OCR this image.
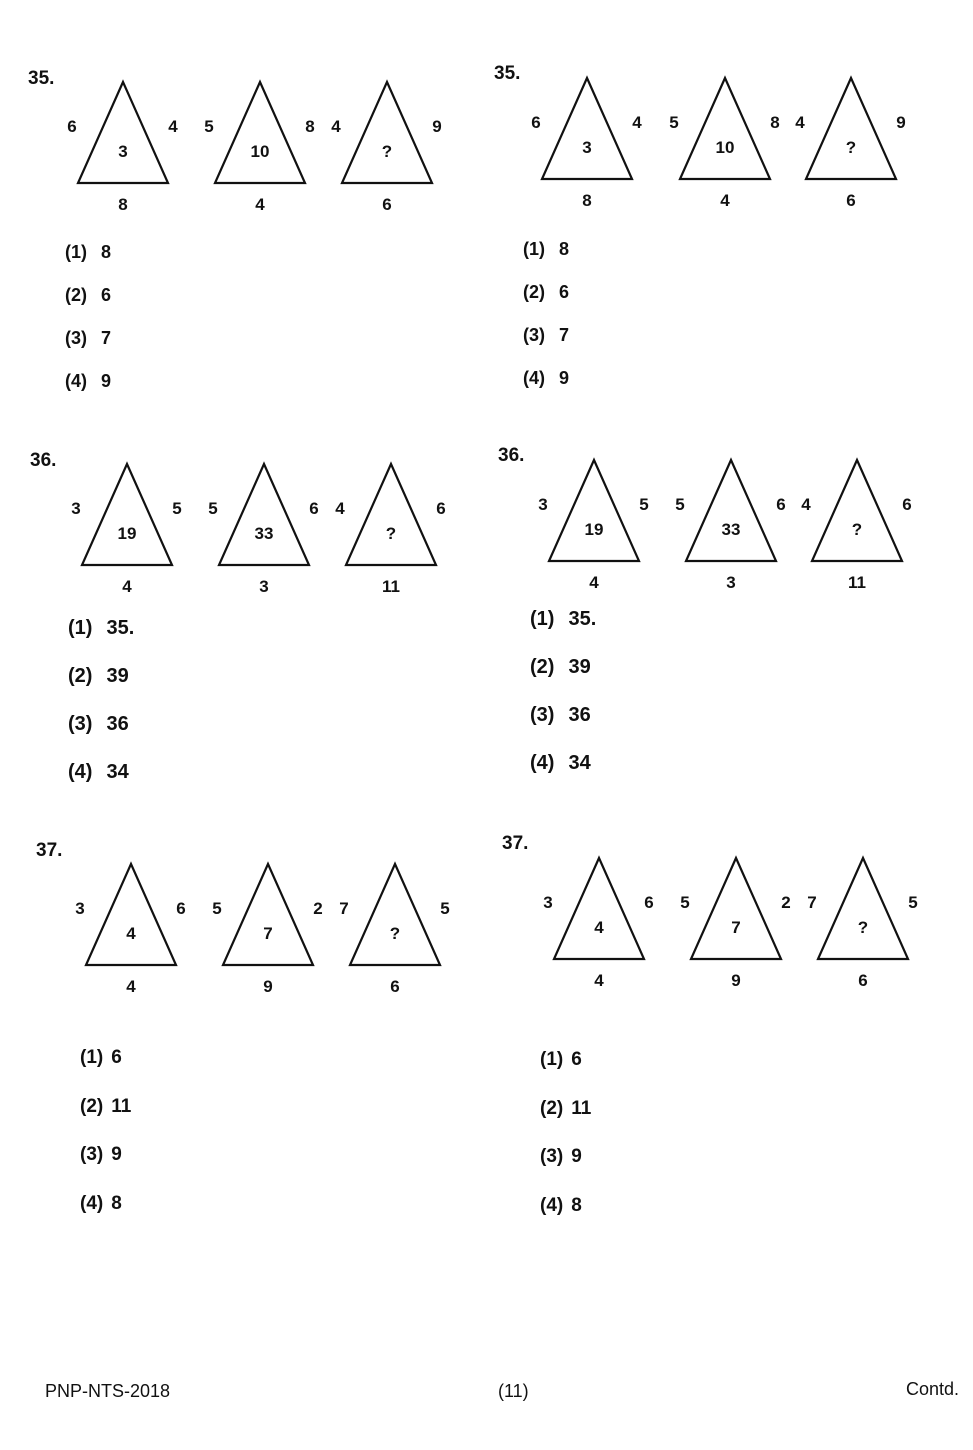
35.
6	4
3
8
5	8
10
4
4	9
?
6
(1) 8
(2) 6
(3) 7
(4) 9
36.
3	5
19
4
5	6
33
3
4	6
?
11
(1) 35.
(2) 39
(3) 36
(4) 34
37.
3	6
4
4
5	2
7
9
7	5
?
6
(1) 6
(2) 11
(3) 9
(4) 8
35.
6	4
3
8
5	8
10
4
4	9
?
6
(1) 8
(2) 6
(3) 7
(4) 9
36.
3	5
19
4
5	6
33
3
4	6
?
11
(1) 35.
(2) 39
(3) 36
(4) 34
37.
3	6
4
4
5	2
7
9
7	5
?
6
(1) 6
(2) 11
(3) 9
(4) 8
PNP-NTS-2018	(11)	Contd.
